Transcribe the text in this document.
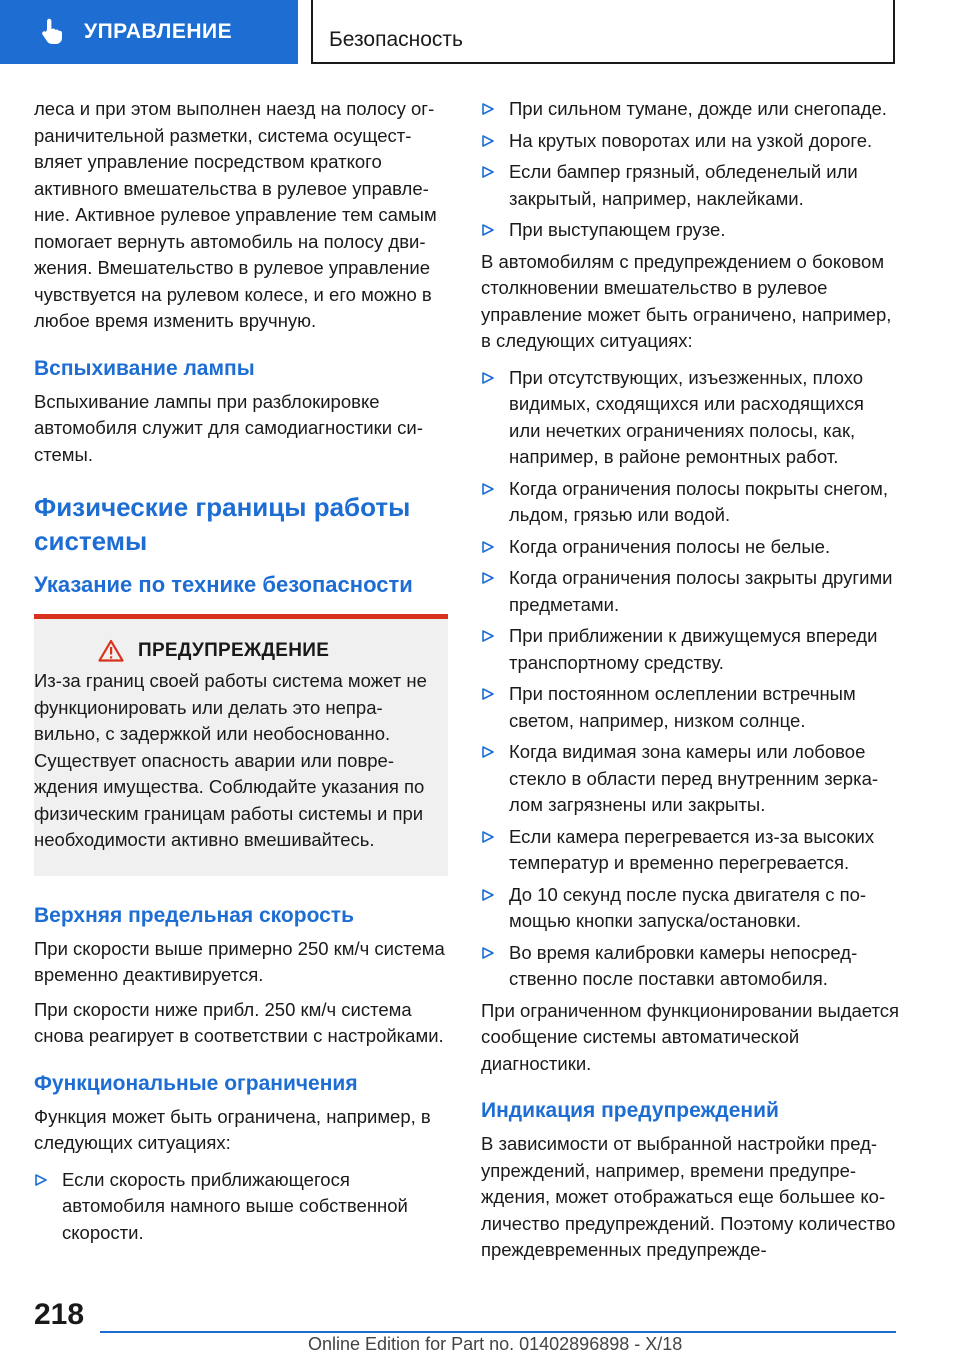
УПРАВЛЕНИЕ	Безопасность

леса и при этом выполнен наезд на полосу ограничительной разметки, система осуществляет управление посредством краткого активного вмешательства в рулевое управление. Активное рулевое управление тем самым помогает вернуть автомобиль на полосу движения. Вмешательство в рулевое управление чувствуется на рулевом колесе, и его можно в любое время изменить вручную.

Вспыхивание лампы

Вспыхивание лампы при разблокировке автомобиля служит для самодиагностики системы.

Физические границы работы системы
Указание по технике безопасности
ПРЕДУПРЕЖДЕНИЕ

Из-за границ своей работы система может не функционировать или делать это неправильно, с задержкой или необоснованно. Существует опасность аварии или повреждения имущества. Соблюдайте указания по физическим границам работы системы и при необходимости активно вмешивайтесь.

Верхняя предельная скорость

При скорости выше примерно 250 км/ч система временно деактивируется.

При скорости ниже прибл. 250 км/ч система снова реагирует в соответствии с настройками.

Функциональные ограничения

Функция может быть ограничена, например, в следующих ситуациях:

Если скорость приближающегося автомобиля намного выше собственной скорости.
При сильном тумане, дожде или снегопаде.
На крутых поворотах или на узкой дороге.
Если бампер грязный, обледенелый или закрытый, например, наклейками.
При выступающем грузе.

В автомобилям с предупреждением о боковом столкновении вмешательство в рулевое управление может быть ограничено, например, в следующих ситуациях:

При отсутствующих, изъезженных, плохо видимых, сходящихся или расходящихся или нечетких ограничениях полосы, как, например, в районе ремонтных работ.
Когда ограничения полосы покрыты снегом, льдом, грязью или водой.
Когда ограничения полосы не белые.
Когда ограничения полосы закрыты другими предметами.
При приближении к движущемуся впереди транспортному средству.
При постоянном ослеплении встречным светом, например, низком солнце.
Когда видимая зона камеры или лобовое стекло в области перед внутренним зеркалом загрязнены или закрыты.
Если камера перегревается из-за высоких температур и временно перегревается.
До 10 секунд после пуска двигателя с помощью кнопки запуска/остановки.
Во время калибровки камеры непосредственно после поставки автомобиля.

При ограниченном функционировании выдается сообщение системы автоматической диагностики.

Индикация предупреждений

В зависимости от выбранной настройки предупреждений, например, времени предупреждения, может отображаться еще большее количество предупреждений. Поэтому количество преждевременных предупрежде-

218
Online Edition for Part no. 01402896898 - X/18
